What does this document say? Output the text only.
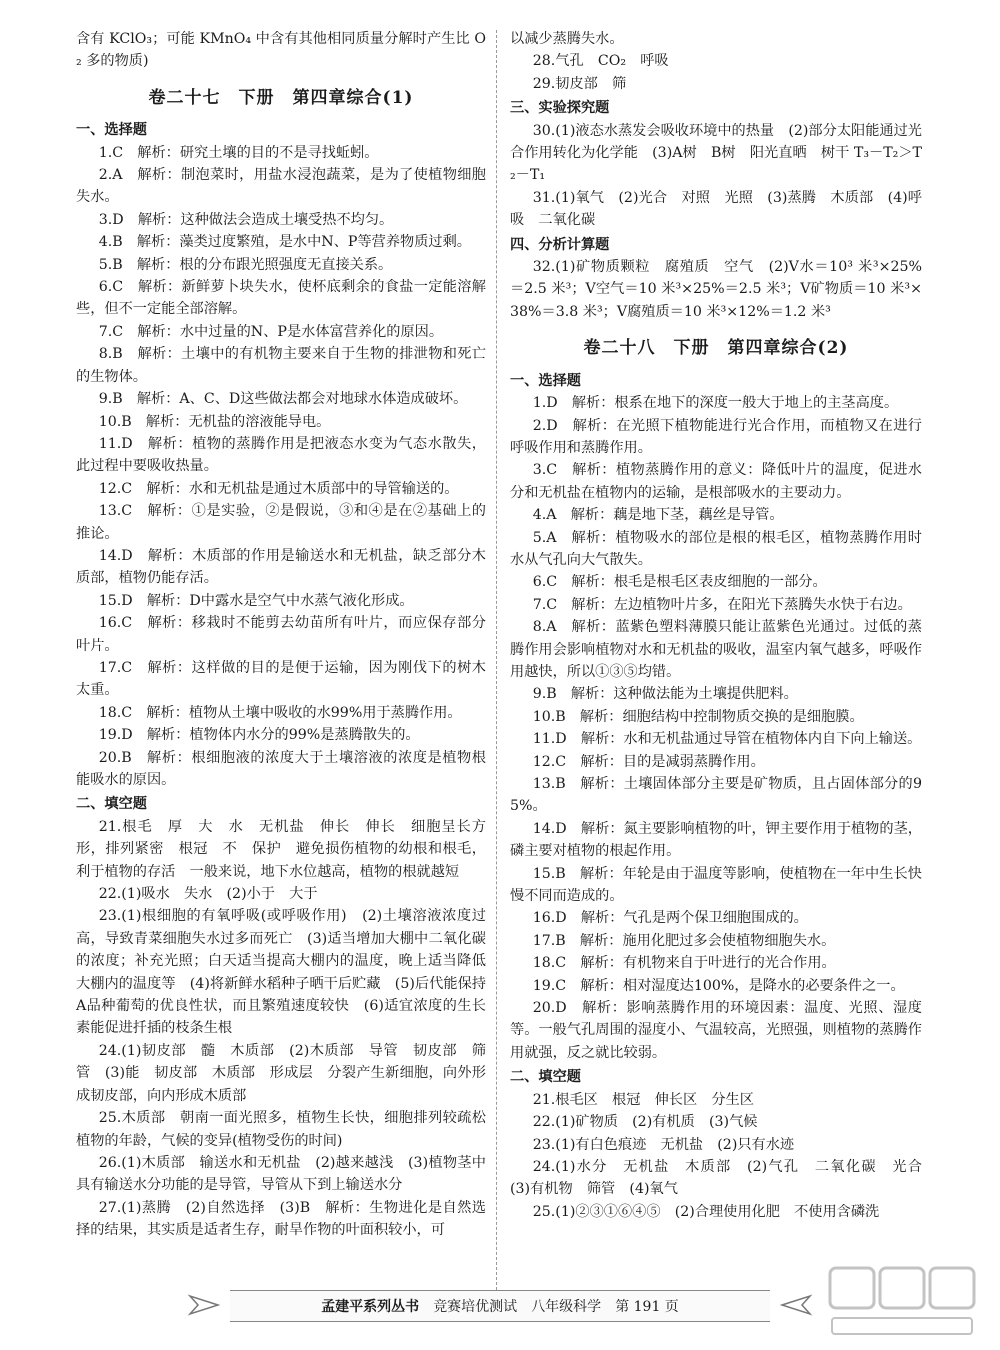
含有 KClO₃；可能 KMnO₄ 中含有其他相同质量分解时产生比 O₂ 多的物质)

卷二十七　下册　第四章综合(1)

一、选择题

1.C　解析：研究土壤的目的不是寻找蚯蚓。

2.A　解析：制泡菜时，用盐水浸泡蔬菜，是为了使植物细胞失水。

3.D　解析：这种做法会造成土壤受热不均匀。

4.B　解析：藻类过度繁殖，是水中N、P等营养物质过剩。

5.B　解析：根的分布跟光照强度无直接关系。

6.C　解析：新鲜萝卜块失水，使杯底剩余的食盐一定能溶解些，但不一定能全部溶解。

7.C　解析：水中过量的N、P是水体富营养化的原因。

8.B　解析：土壤中的有机物主要来自于生物的排泄物和死亡的生物体。

9.B　解析：A、C、D这些做法都会对地球水体造成破坏。

10.B　解析：无机盐的溶液能导电。

11.D　解析：植物的蒸腾作用是把液态水变为气态水散失，此过程中要吸收热量。

12.C　解析：水和无机盐是通过木质部中的导管输送的。

13.C　解析：①是实验，②是假说，③和④是在②基础上的推论。

14.D　解析：木质部的作用是输送水和无机盐，缺乏部分木质部，植物仍能存活。

15.D　解析：D中露水是空气中水蒸气液化形成。

16.C　解析：移栽时不能剪去幼苗所有叶片，而应保存部分叶片。

17.C　解析：这样做的目的是便于运输，因为刚伐下的树木太重。

18.C　解析：植物从土壤中吸收的水99%用于蒸腾作用。

19.D　解析：植物体内水分的99%是蒸腾散失的。

20.B　解析：根细胞液的浓度大于土壤溶液的浓度是植物根能吸水的原因。

二、填空题

21.根毛　厚　大　水　无机盐　伸长　伸长　细胞呈长方形，排列紧密　根冠　不　保护　避免损伤植物的幼根和根毛，利于植物的存活　一般来说，地下水位越高，植物的根就越短

22.(1)吸水　失水　(2)小于　大于

23.(1)根细胞的有氧呼吸(或呼吸作用)　(2)土壤溶液浓度过高，导致青菜细胞失水过多而死亡　(3)适当增加大棚中二氧化碳的浓度；补充光照；白天适当提高大棚内的温度，晚上适当降低大棚内的温度等　(4)将新鲜水稻种子晒干后贮藏　(5)后代能保持A品种葡萄的优良性状，而且繁殖速度较快　(6)适宜浓度的生长素能促进扦插的枝条生根

24.(1)韧皮部　髓　木质部　(2)木质部　导管　韧皮部　筛管　(3)能　韧皮部　木质部　形成层　分裂产生新细胞，向外形成韧皮部，向内形成木质部

25.木质部　朝南一面光照多，植物生长快，细胞排列较疏松　植物的年龄，气候的变异(植物受伤的时间)

26.(1)木质部　输送水和无机盐　(2)越来越浅　(3)植物茎中具有输送水分功能的是导管，导管从下到上输送水分

27.(1)蒸腾　(2)自然选择　(3)B　解析：生物进化是自然选择的结果，其实质是适者生存，耐旱作物的叶面积较小，可

以减少蒸腾失水。

28.气孔　CO₂　呼吸

29.韧皮部　筛

三、实验探究题

30.(1)液态水蒸发会吸收环境中的热量　(2)部分太阳能通过光合作用转化为化学能　(3)A树　B树　阳光直晒　树干 T₃－T₂＞T₂－T₁

31.(1)氧气　(2)光合　对照　光照　(3)蒸腾　木质部　(4)呼吸　二氧化碳

四、分析计算题

32.(1)矿物质颗粒　腐殖质　空气　(2)V水＝10³ 米³×25%＝2.5 米³；V空气＝10 米³×25%＝2.5 米³；V矿物质＝10 米³×38%＝3.8 米³；V腐殖质＝10 米³×12%＝1.2 米³

卷二十八　下册　第四章综合(2)

一、选择题

1.D　解析：根系在地下的深度一般大于地上的主茎高度。

2.D　解析：在光照下植物能进行光合作用，而植物又在进行呼吸作用和蒸腾作用。

3.C　解析：植物蒸腾作用的意义：降低叶片的温度，促进水分和无机盐在植物内的运输，是根部吸水的主要动力。

4.A　解析：藕是地下茎，藕丝是导管。

5.A　解析：植物吸水的部位是根的根毛区，植物蒸腾作用时水从气孔向大气散失。

6.C　解析：根毛是根毛区表皮细胞的一部分。

7.C　解析：左边植物叶片多，在阳光下蒸腾失水快于右边。

8.A　解析：蓝紫色塑料薄膜只能让蓝紫色光通过。过低的蒸腾作用会影响植物对水和无机盐的吸收，温室内氧气越多，呼吸作用越快，所以①③⑤均错。

9.B　解析：这种做法能为土壤提供肥料。

10.B　解析：细胞结构中控制物质交换的是细胞膜。

11.D　解析：水和无机盐通过导管在植物体内自下向上输送。

12.C　解析：目的是减弱蒸腾作用。

13.B　解析：土壤固体部分主要是矿物质，且占固体部分的95%。

14.D　解析：氮主要影响植物的叶，钾主要作用于植物的茎，磷主要对植物的根起作用。

15.B　解析：年轮是由于温度等影响，使植物在一年中生长快慢不同而造成的。

16.D　解析：气孔是两个保卫细胞围成的。

17.B　解析：施用化肥过多会使植物细胞失水。

18.C　解析：有机物来自于叶进行的光合作用。

19.C　解析：相对湿度达100%，是降水的必要条件之一。

20.D　解析：影响蒸腾作用的环境因素：温度、光照、湿度等。一般气孔周围的湿度小、气温较高，光照强，则植物的蒸腾作用就强，反之就比较弱。

二、填空题

21.根毛区　根冠　伸长区　分生区

22.(1)矿物质　(2)有机质　(3)气候

23.(1)有白色痕迹　无机盐　(2)只有水迹

24.(1)水分　无机盐　木质部　(2)气孔　二氧化碳　光合　(3)有机物　筛管　(4)氧气

25.(1)②③①⑥④⑤　(2)合理使用化肥　不使用含磷洗

孟建平系列丛书 竞赛培优测试 八年级科学 第 191 页
